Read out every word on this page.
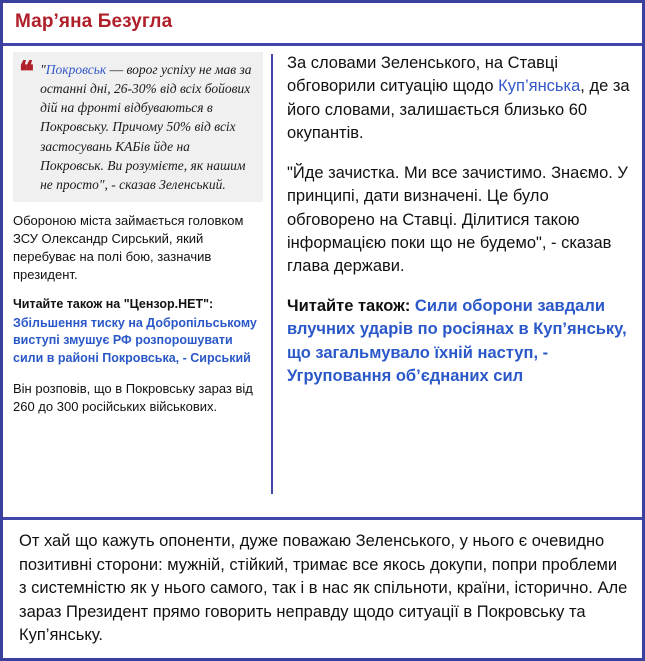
Мар’яна Безугла
❝ "Покровськ –– ворог успіху не мав за останні дні, 26-30% від всіх бойових дій на фронті відбуваються в Покровську. Причому 50% від всіх застосувань КАБів йде на Покровськ. Ви розумієте, як нашим не просто", - сказав Зеленський.
Обороною міста займається головком ЗСУ Олександр Сирський, який перебуває на полі бою, зазначив президент.
Читайте також на "Цензор.НЕТ":
Збільшення тиску на Добропільському виступі змушує РФ розпорошувати сили в районі Покровська, - Сирський
Він розповів, що в Покровську зараз від 260 до 300 російських військових.

За словами Зеленського, на Ставці обговорили ситуацію щодо Куп’янська, де за його словами, залишається близько 60 окупантів.

"Йде зачистка. Ми все зачистимо. Знаємо. У принципі, дати визначені. Це було обговорено на Ставці. Ділитися такою інформацією поки що не будемо", - сказав глава держави.

Читайте також: Сили оборони завдали влучних ударів по росіянах в Куп’янську, що загальмувало їхній наступ, - Угруповання об’єднаних сил
От хай що кажуть опоненти, дуже поважаю Зеленського, у нього є очевидно позитивні сторони: мужній, стійкий, тримає все якось докупи, попри проблеми з системністю як у нього самого, так і в нас як спільноти, країни, історично. Але зараз Президент прямо говорить неправду щодо ситуації в Покровську та Куп’янську.
